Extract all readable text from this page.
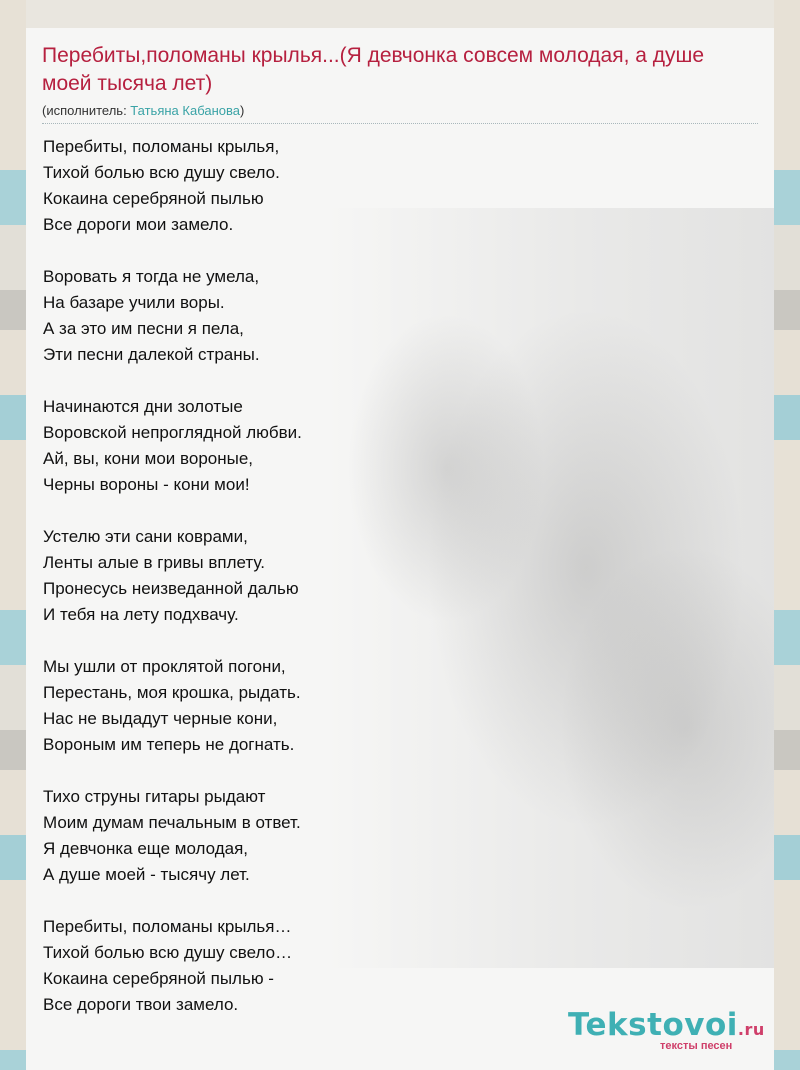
Перебиты,поломаны крылья...(Я девчонка совсем молодая, а душе моей тысяча лет)
(исполнитель: Татьяна Кабанова)
Перебиты, поломаны крылья,
Тихой болью всю душу свело.
Кокаина серебряной пылью
Все дороги мои замело.
Воровать я тогда не умела,
На базаре учили воры.
А за это им песни я пела,
Эти песни далекой страны.
Начинаются дни золотые
Воровской непроглядной любви.
Ай, вы, кони мои вороные,
Черны вороны - кони мои!
Устелю эти сани коврами,
Ленты алые в гривы вплету.
Пронесусь неизведанной далью
И тебя на лету подхвачу.
Мы ушли от проклятой погони,
Перестань, моя крошка, рыдать.
Нас не выдадут черные кони,
Вороным им теперь не догнать.
Тихо струны гитары рыдают
Моим думам печальным в ответ.
Я девчонка еще молодая,
А душе моей - тысячу лет.
Перебиты, поломаны крылья…
Тихой болью всю душу свело…
Кокаина серебряной пылью -
Все дороги твои замело.
Tekstovoi.ru
тексты песен
